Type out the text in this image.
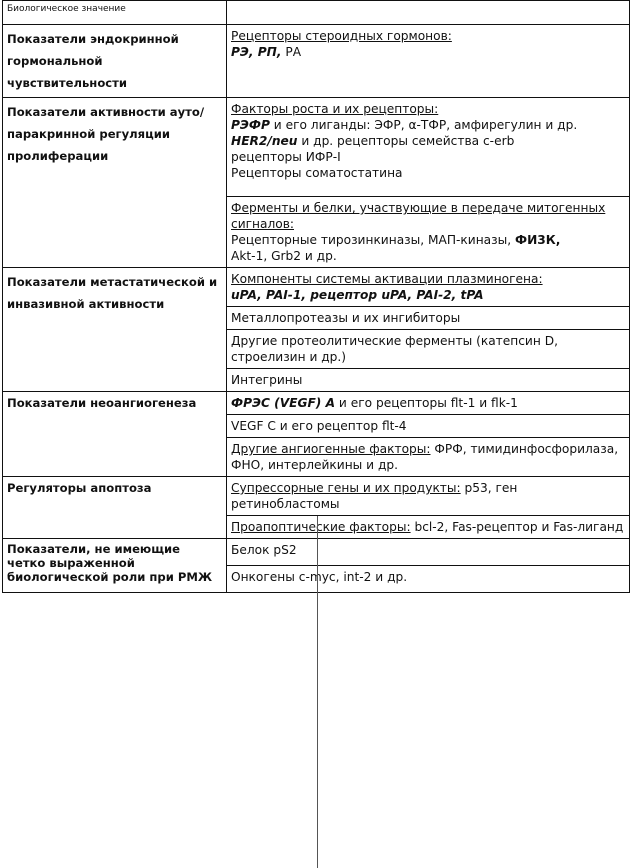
Биологическое значение	
Показатели эндокринной гормональной чувствительности	Рецепторы стероидных гормонов:
РЭ, РП, РА

Показатели активности ауто/паракринной регуляции пролиферации	Факторы роста и их рецепторы:
РЭФР и его лиганды: ЭФР, α-ТФР, амфирегулин и др.
HER2/neu и др. рецепторы семейства с-erb
рецепторы ИФР-I
Рецепторы соматостатина

	Ферменты и белки, участвующие в передаче митогенных сигналов:
Рецепторные тирозинкиназы, МАП-киназы, ФИ3К,
Akt-1, Grb2 и др.

Показатели метастатической и инвазивной активности	Компоненты системы активации плазминогена:
uPA, PAI-1, рецептор uPA, PAI-2, tPA

	Металлопротеазы и их ингибиторы
	Другие протеолитические ферменты (катепсин D, строелизин и др.)
	Интегрины
Показатели неоангиогенеза	ФРЭС (VEGF) А и его рецепторы flt-1 и flk-1
	VEGF C и его рецептор flt-4
	Другие ангиогенные факторы: ФРФ, тимидинфосфорилаза, ФНО, интерлейкины и др.
Регуляторы апоптоза	Супрессорные гены и их продукты: р53, ген ретинобластомы
	Проапоптические факторы: bcl-2, Fas-рецептор и Fas-лиганд
Показатели, не имеющие четко выраженной биологической роли при РМЖ	Белок pS2
	Онкогены c-myc, int-2 и др.
